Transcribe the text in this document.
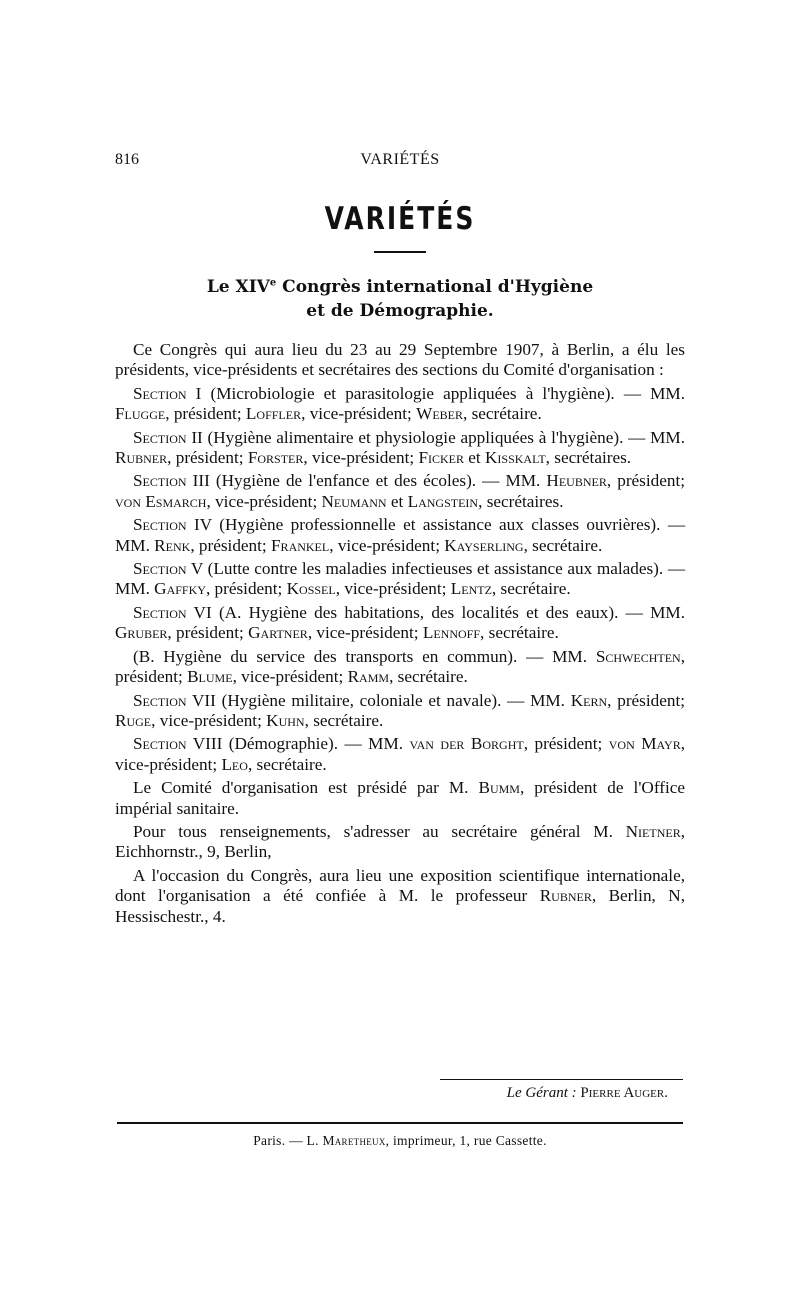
816	VARIÉTÉS
VARIÉTÉS
Le XIVe Congrès international d'Hygiène
et de Démographie.

Ce Congrès qui aura lieu du 23 au 29 Septembre 1907, à Berlin, a élu les présidents, vice-présidents et secrétaires des sections du Comité d'organisation :

Section I (Microbiologie et parasitologie appliquées à l'hygiène). — MM. Flugge, président; Loffler, vice-président; Weber, secrétaire.

Section II (Hygiène alimentaire et physiologie appliquées à l'hygiène). — MM. Rubner, président; Forster, vice-président; Ficker et Kisskalt, secrétaires.

Section III (Hygiène de l'enfance et des écoles). — MM. Heubner, président; von Esmarch, vice-président; Neumann et Langstein, secrétaires.

Section IV (Hygiène professionnelle et assistance aux classes ouvrières). — MM. Renk, président; Frankel, vice-président; Kayserling, secrétaire.

Section V (Lutte contre les maladies infectieuses et assistance aux malades). — MM. Gaffky, président; Kossel, vice-président; Lentz, secrétaire.

Section VI (A. Hygiène des habitations, des localités et des eaux). — MM. Gruber, président; Gartner, vice-président; Lennoff, secrétaire.

(B. Hygiène du service des transports en commun). — MM. Schwechten, président; Blume, vice-président; Ramm, secrétaire.

Section VII (Hygiène militaire, coloniale et navale). — MM. Kern, président; Ruge, vice-président; Kuhn, secrétaire.

Section VIII (Démographie). — MM. van der Borght, président; von Mayr, vice-président; Leo, secrétaire.

Le Comité d'organisation est présidé par M. Bumm, président de l'Office impérial sanitaire.

Pour tous renseignements, s'adresser au secrétaire général M. Nietner, Eichhornstr., 9, Berlin,

A l'occasion du Congrès, aura lieu une exposition scientifique internationale, dont l'organisation a été confiée à M. le professeur Rubner, Berlin, N, Hessischestr., 4.

Le Gérant : Pierre Auger.
Paris. — L. Maretheux, imprimeur, 1, rue Cassette.
